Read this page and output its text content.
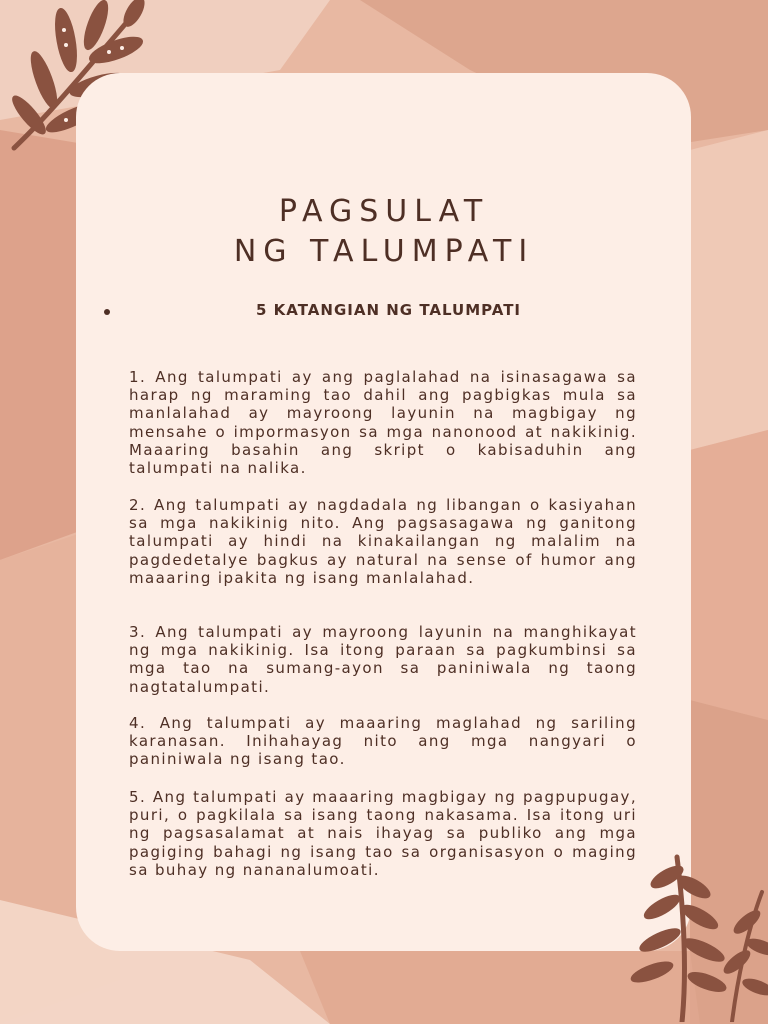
PAGSULAT
NG TALUMPATI
5 KATANGIAN NG TALUMPATI

1. Ang talumpati ay ang paglalahad na isinasagawa sa harap ng maraming tao dahil ang pagbigkas mula sa manlalahad ay mayroong layunin na magbigay ng mensahe o impormasyon sa mga nanonood at nakikinig. Maaaring basahin ang skript o kabisaduhin ang talumpati na nalika.

2. Ang talumpati ay nagdadala ng libangan o kasiyahan sa mga nakikinig nito. Ang pagsasagawa ng ganitong talumpati ay hindi na kinakailangan ng malalim na pagdedetalye bagkus ay natural na sense of humor ang maaaring ipakita ng isang manlalahad.

3. Ang talumpati ay mayroong layunin na manghikayat ng mga nakikinig. Isa itong paraan sa pagkumbinsi sa mga tao na sumang-ayon sa paniniwala ng taong nagtatalumpati.

4. Ang talumpati ay maaaring maglahad ng sariling karanasan. Inihahayag nito ang mga nangyari o paniniwala ng isang tao.

5. Ang talumpati ay maaaring magbigay ng pagpupugay, puri, o pagkilala sa isang taong nakasama. Isa itong uri ng pagsasalamat at nais ihayag sa publiko ang mga pagiging bahagi ng isang tao sa organisasyon o maging sa buhay ng nananalumoati.
